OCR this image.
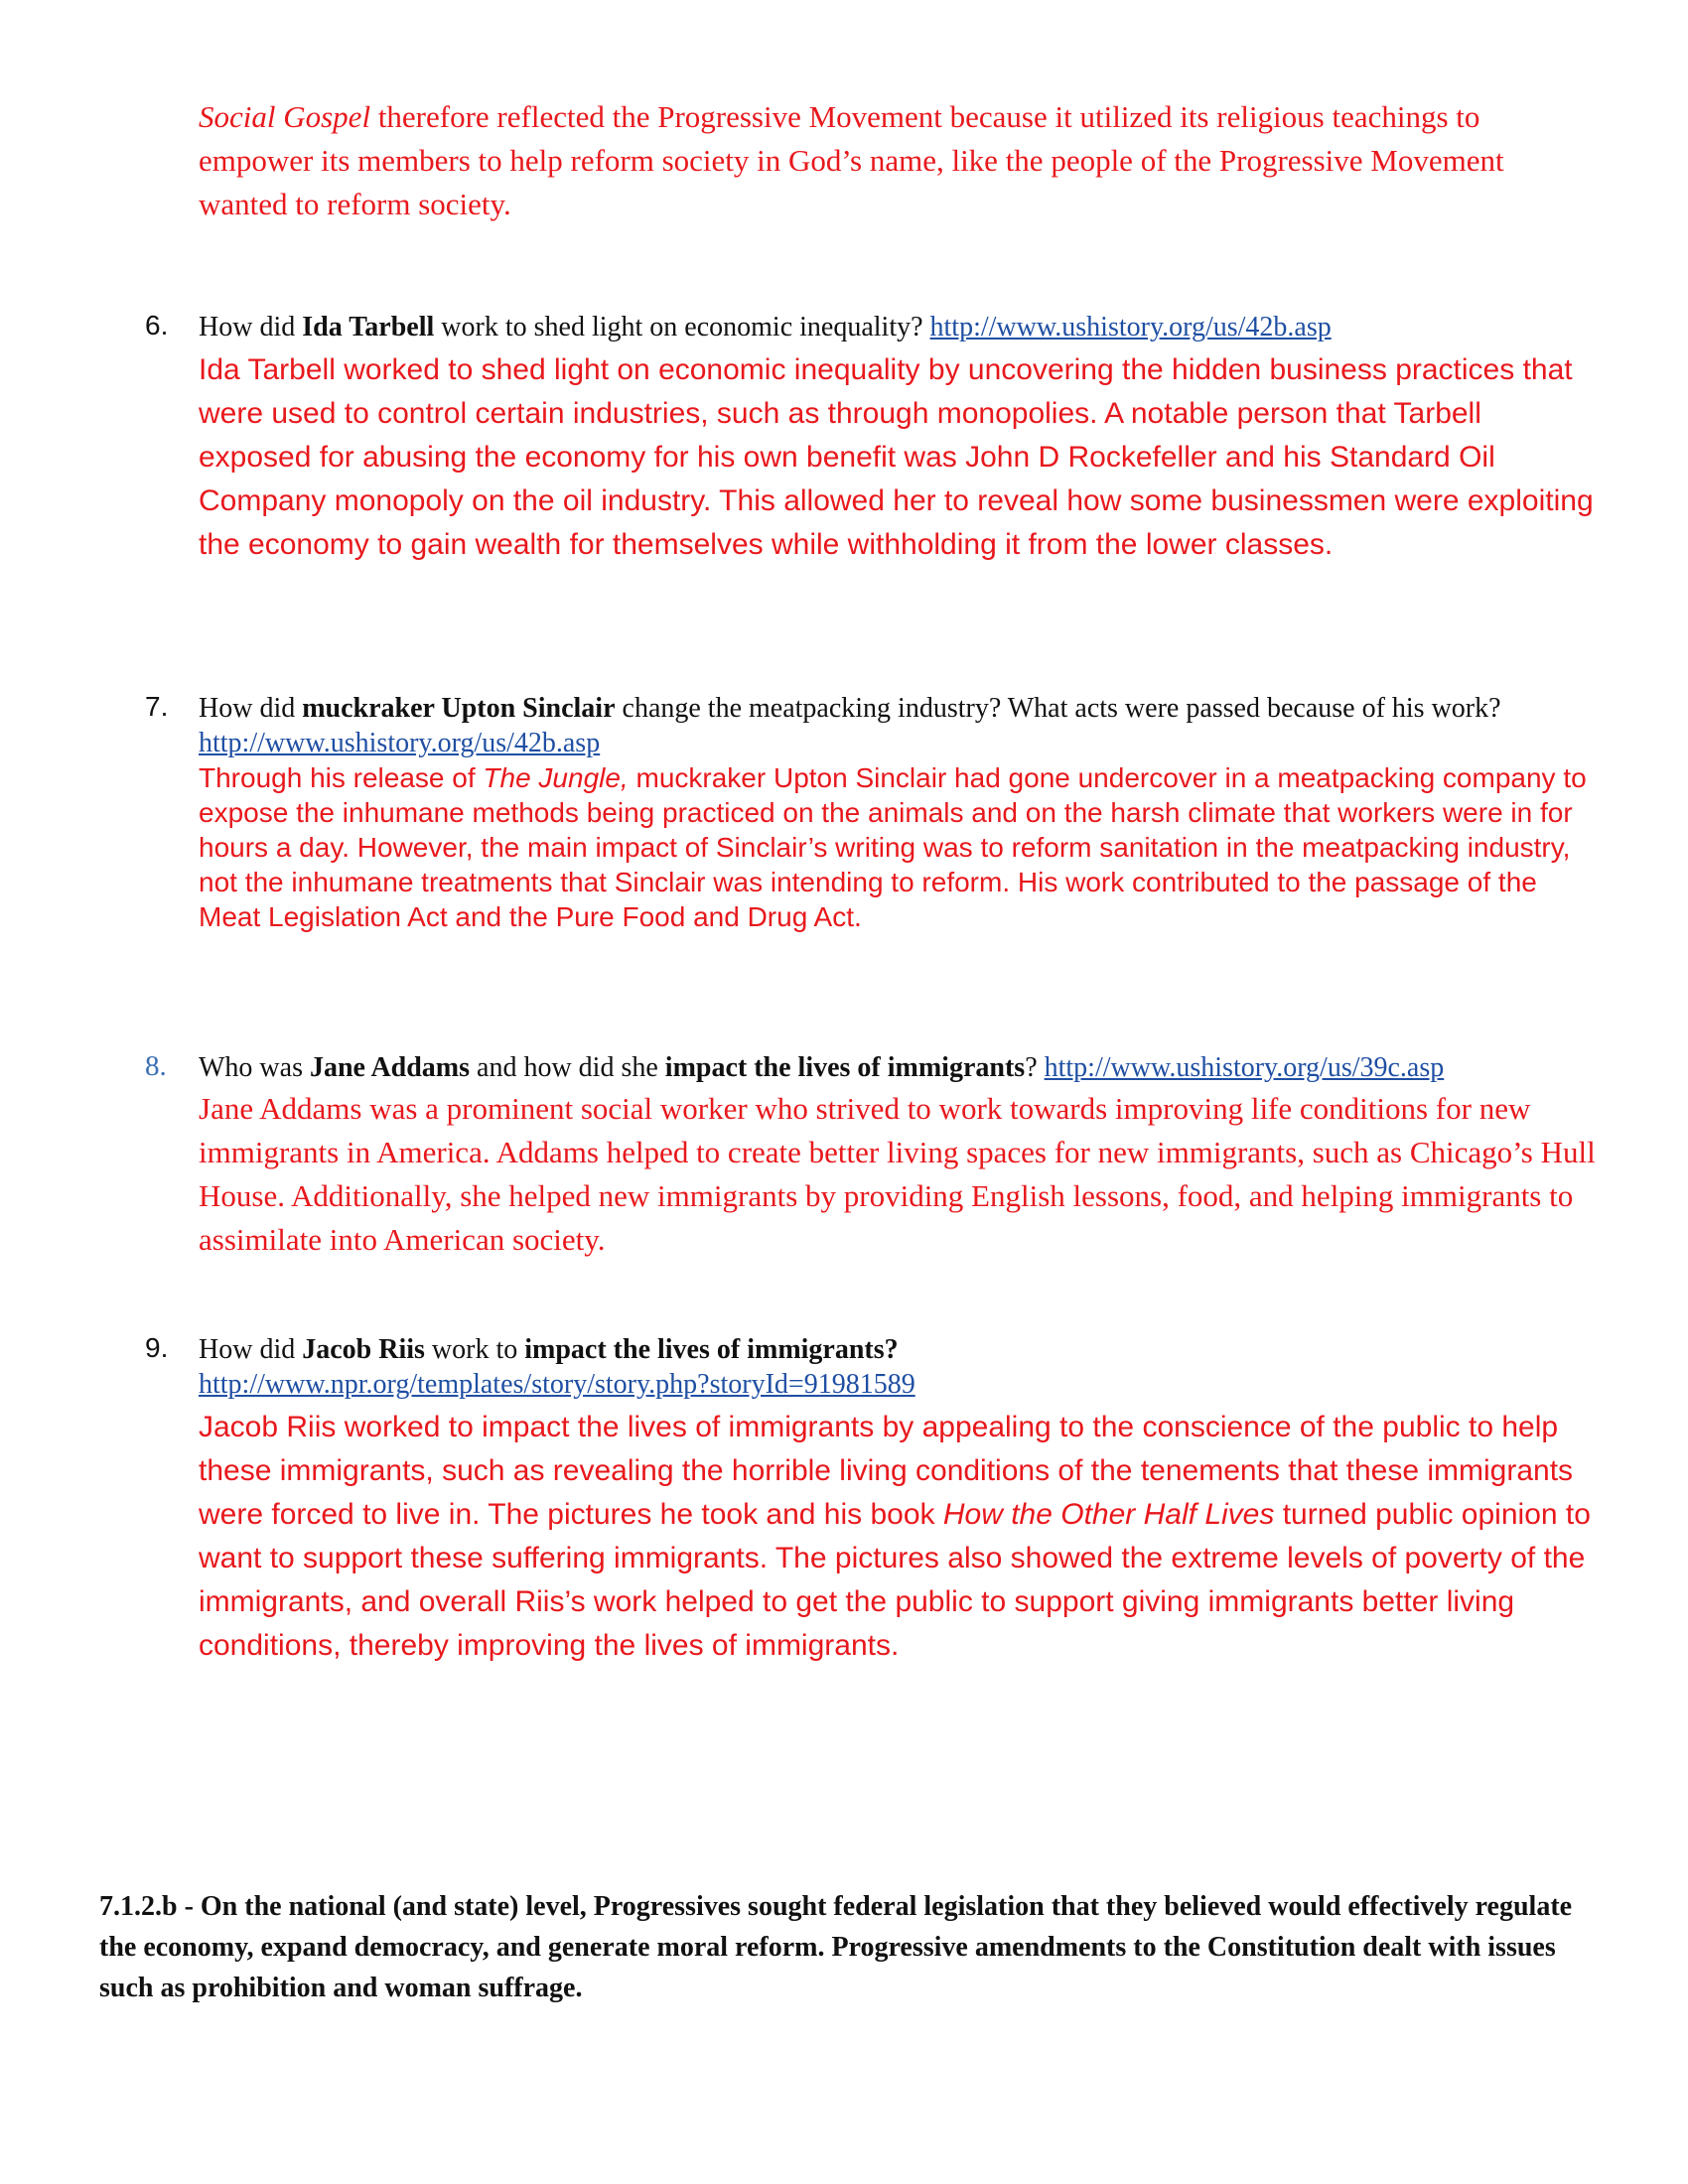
Social Gospel therefore reflected the Progressive Movement because it utilized its religious teachings to empower its members to help reform society in God’s name, like the people of the Progressive Movement wanted to reform society.
6. How did Ida Tarbell work to shed light on economic inequality? http://www.ushistory.org/us/42b.asp
Ida Tarbell worked to shed light on economic inequality by uncovering the hidden business practices that were used to control certain industries, such as through monopolies. A notable person that Tarbell exposed for abusing the economy for his own benefit was John D Rockefeller and his Standard Oil Company monopoly on the oil industry. This allowed her to reveal how some businessmen were exploiting the economy to gain wealth for themselves while withholding it from the lower classes.
7. How did muckraker Upton Sinclair change the meatpacking industry? What acts were passed because of his work? http://www.ushistory.org/us/42b.asp
Through his release of The Jungle, muckraker Upton Sinclair had gone undercover in a meatpacking company to expose the inhumane methods being practiced on the animals and on the harsh climate that workers were in for hours a day. However, the main impact of Sinclair’s writing was to reform sanitation in the meatpacking industry, not the inhumane treatments that Sinclair was intending to reform. His work contributed to the passage of the Meat Legislation Act and the Pure Food and Drug Act.
8. Who was Jane Addams and how did she impact the lives of immigrants? http://www.ushistory.org/us/39c.asp
Jane Addams was a prominent social worker who strived to work towards improving life conditions for new immigrants in America. Addams helped to create better living spaces for new immigrants, such as Chicago’s Hull House. Additionally, she helped new immigrants by providing English lessons, food, and helping immigrants to assimilate into American society.
9. How did Jacob Riis work to impact the lives of immigrants?
http://www.npr.org/templates/story/story.php?storyId=91981589
Jacob Riis worked to impact the lives of immigrants by appealing to the conscience of the public to help these immigrants, such as revealing the horrible living conditions of the tenements that these immigrants were forced to live in. The pictures he took and his book How the Other Half Lives turned public opinion to want to support these suffering immigrants. The pictures also showed the extreme levels of poverty of the immigrants, and overall Riis’s work helped to get the public to support giving immigrants better living conditions, thereby improving the lives of immigrants.
7.1.2.b - On the national (and state) level, Progressives sought federal legislation that they believed would effectively regulate the economy, expand democracy, and generate moral reform. Progressive amendments to the Constitution dealt with issues such as prohibition and woman suffrage.
